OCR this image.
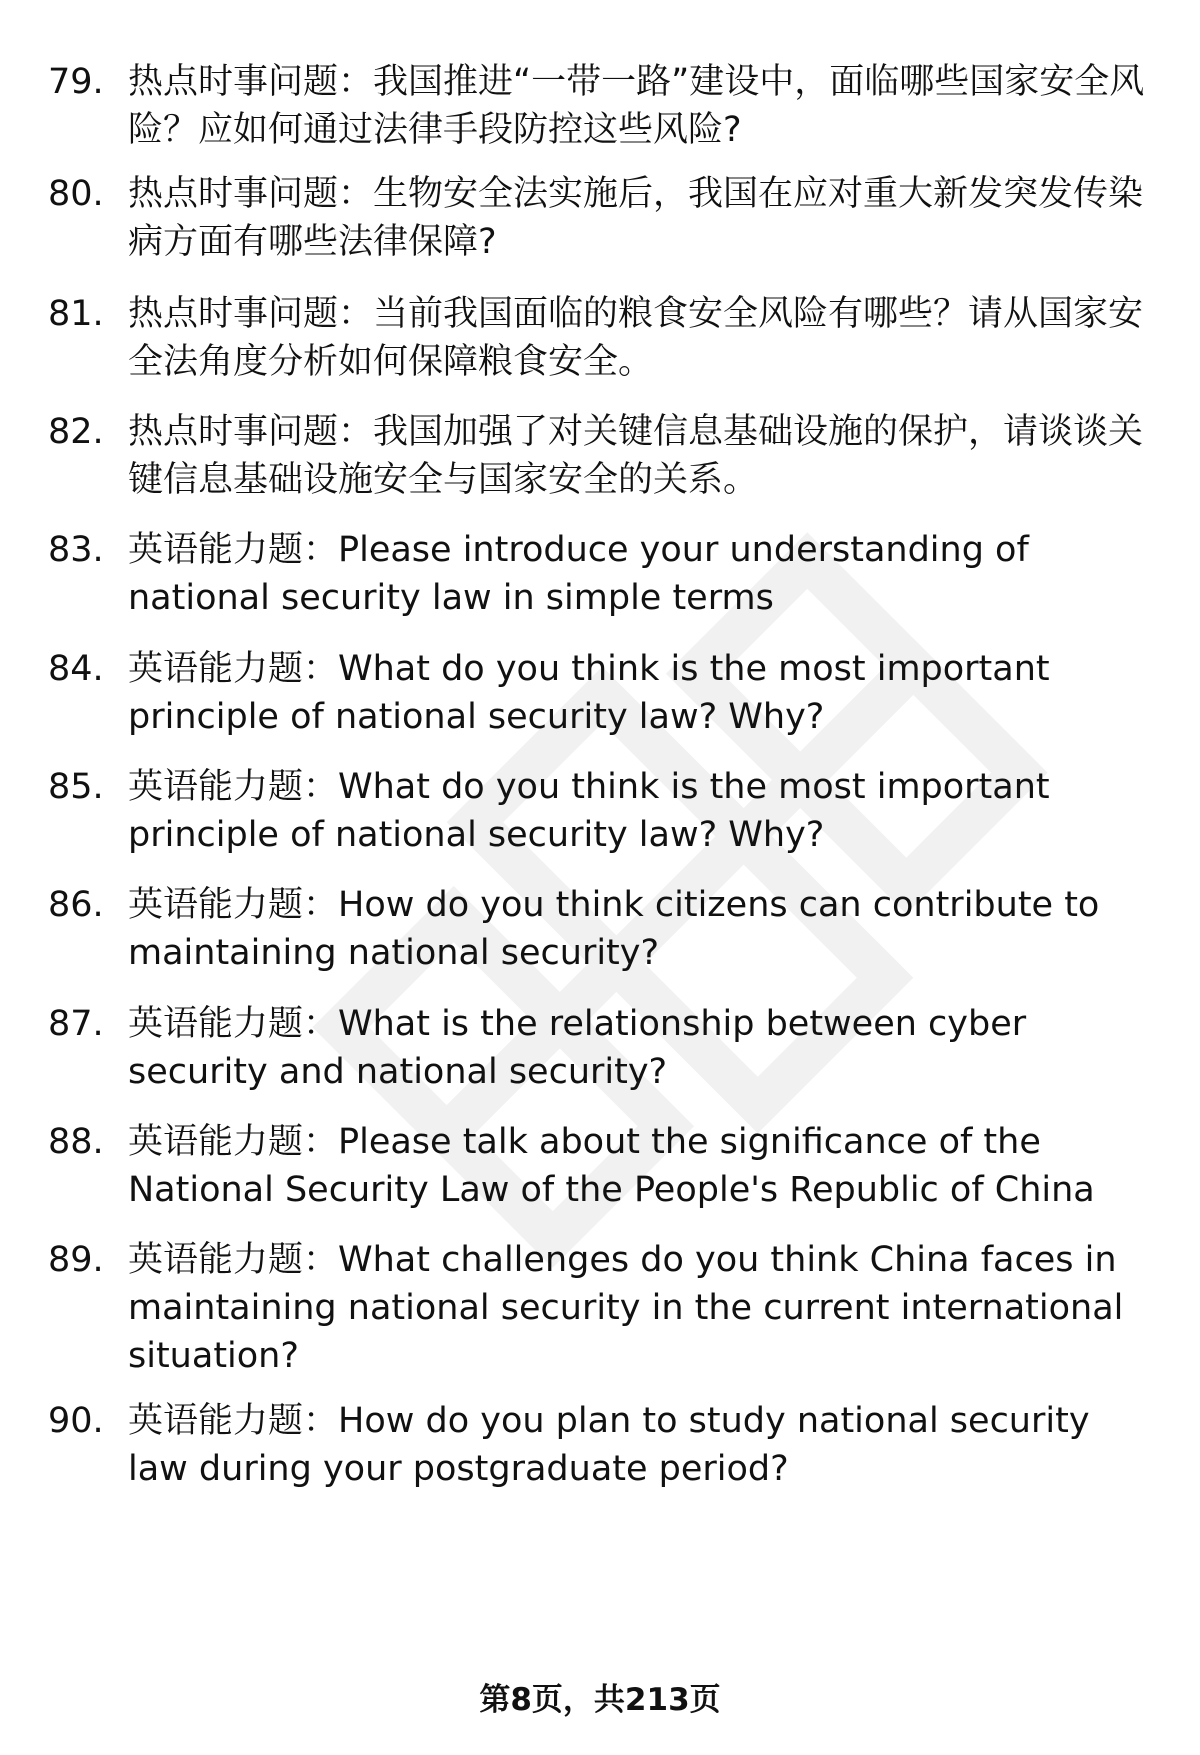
79. 热点时事问题：我国推进“一带一路”建设中，面临哪些国家安全风险？应如何通过法律手段防控这些风险?
80. 热点时事问题：生物安全法实施后，我国在应对重大新发突发传染病方面有哪些法律保障?
81. 热点时事问题：当前我国面临的粮食安全风险有哪些？请从国家安全法角度分析如何保障粮食安全。
82. 热点时事问题：我国加强了对关键信息基础设施的保护，请谈谈关键信息基础设施安全与国家安全的关系。
83. 英语能力题：Please introduce your understanding of national security law in simple terms
84. 英语能力题：What do you think is the most important principle of national security law? Why?
85. 英语能力题：What do you think is the most important principle of national security law? Why?
86. 英语能力题：How do you think citizens can contribute to maintaining national security?
87. 英语能力题：What is the relationship between cyber security and national security?
88. 英语能力题：Please talk about the significance of the National Security Law of the People's Republic of China
89. 英语能力题：What challenges do you think China faces in maintaining national security in the current international situation?
90. 英语能力题：How do you plan to study national security law during your postgraduate period?
第8页，共213页
